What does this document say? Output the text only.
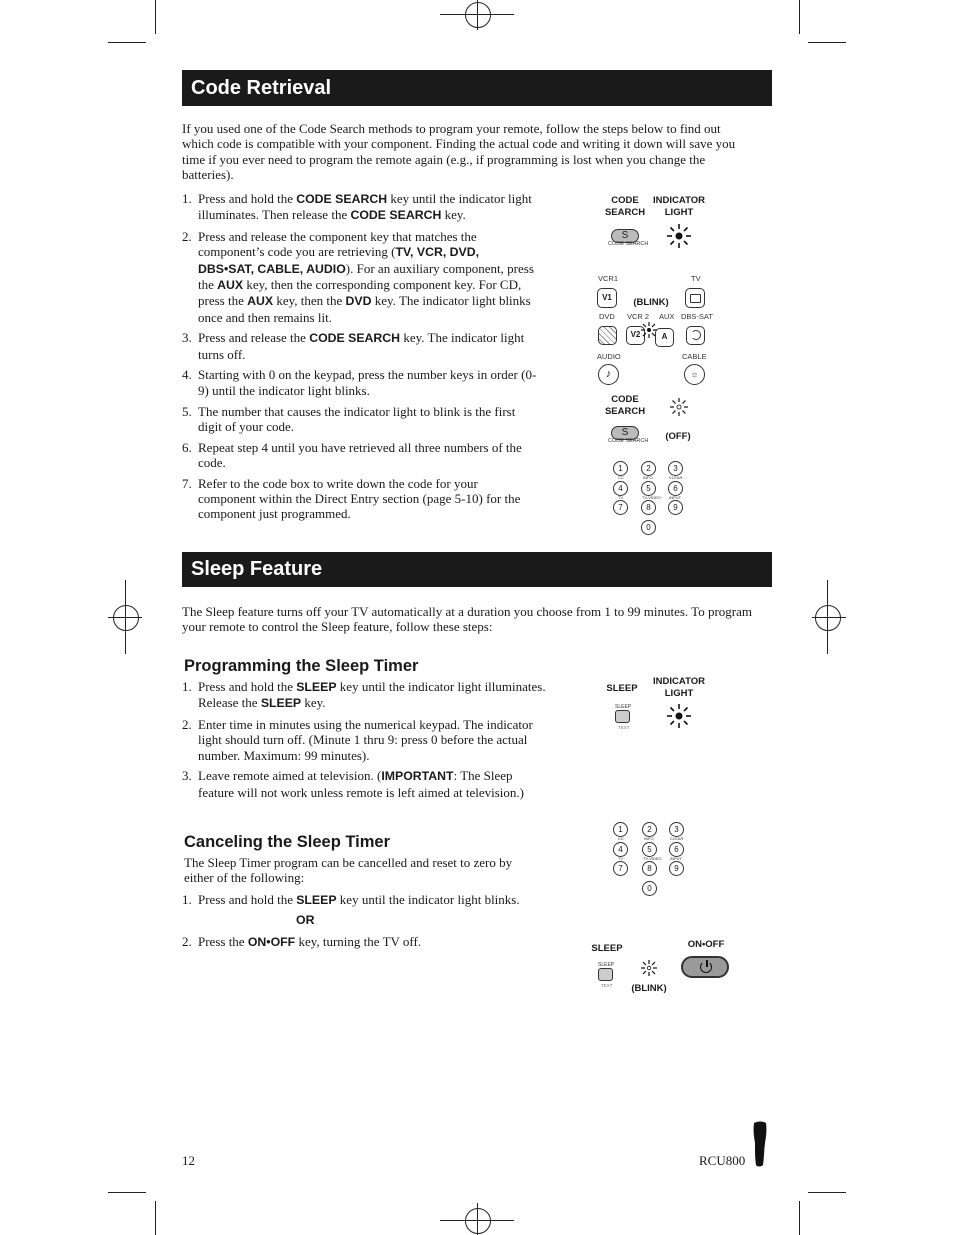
Code Retrieval
If you used one of the Code Search methods to program your remote, follow the steps below to find out which code is compatible with your component. Finding the actual code and writing it down will save you time if you ever need to program the remote again (e.g., if programming is lost when you change the batteries).
1. Press and hold the CODE SEARCH key until the indicator light illuminates. Then release the CODE SEARCH key.
2. Press and release the component key that matches the component’s code you are retrieving (TV, VCR, DVD, DBS•SAT, CABLE, AUDIO). For an auxiliary component, press the AUX key, then the corresponding component key. For CD, press the AUX key, then the DVD key. The indicator light blinks once and then remains lit.
3. Press and release the CODE SEARCH key. The indicator light turns off.
4. Starting with 0 on the keypad, press the number keys in order (0-9) until the indicator light blinks.
5. The number that causes the indicator light to blink is the first digit of your code.
6. Repeat step 4 until you have retrieved all three numbers of the code.
7. Refer to the code box to write down the code for your component within the Direct Entry section (page 5-10) for the component just programmed.
CODE SEARCH
INDICATOR LIGHT
S
CODE SEARCH
VCR1	TV
V1	(BLINK)
DVD VCR 2 AUX DBS-SAT
V2	A
AUDIO	CABLE
♪	☼
CODE SEARCH
S
CODE SEARCH	(OFF)
1	2	3
4	5	6
7	8	9
0
CC	INFO	CLEAR
TV	TV-VIDEO INPUT
Sleep Feature
The Sleep feature turns off your TV automatically at a duration you choose from 1 to 99 minutes. To program your remote to control the Sleep feature, follow these steps:
Programming the Sleep Timer
1. Press and hold the SLEEP key until the indicator light illuminates. Release the SLEEP key.
2. Enter time in minutes using the numerical keypad. The indicator light should turn off. (Minute 1 thru 9: press 0 before the actual number. Maximum: 99 minutes).
3. Leave remote aimed at television. (IMPORTANT: The Sleep feature will not work unless remote is left aimed at television.)
SLEEP
INDICATOR LIGHT
SLEEP
TEXT
Canceling the Sleep Timer
The Sleep Timer program can be cancelled and reset to zero by either of the following:
1. Press and hold the SLEEP key until the indicator light blinks.
OR
2. Press the ON•OFF key, turning the TV off.
1	2	3
4	5	6
7	8	9
0
CC	INFO	CLEAR
TV	TV-VIDEO INPUT
SLEEP	ON•OFF
SLEEP
TEXT	(BLINK)
12	RCU800
